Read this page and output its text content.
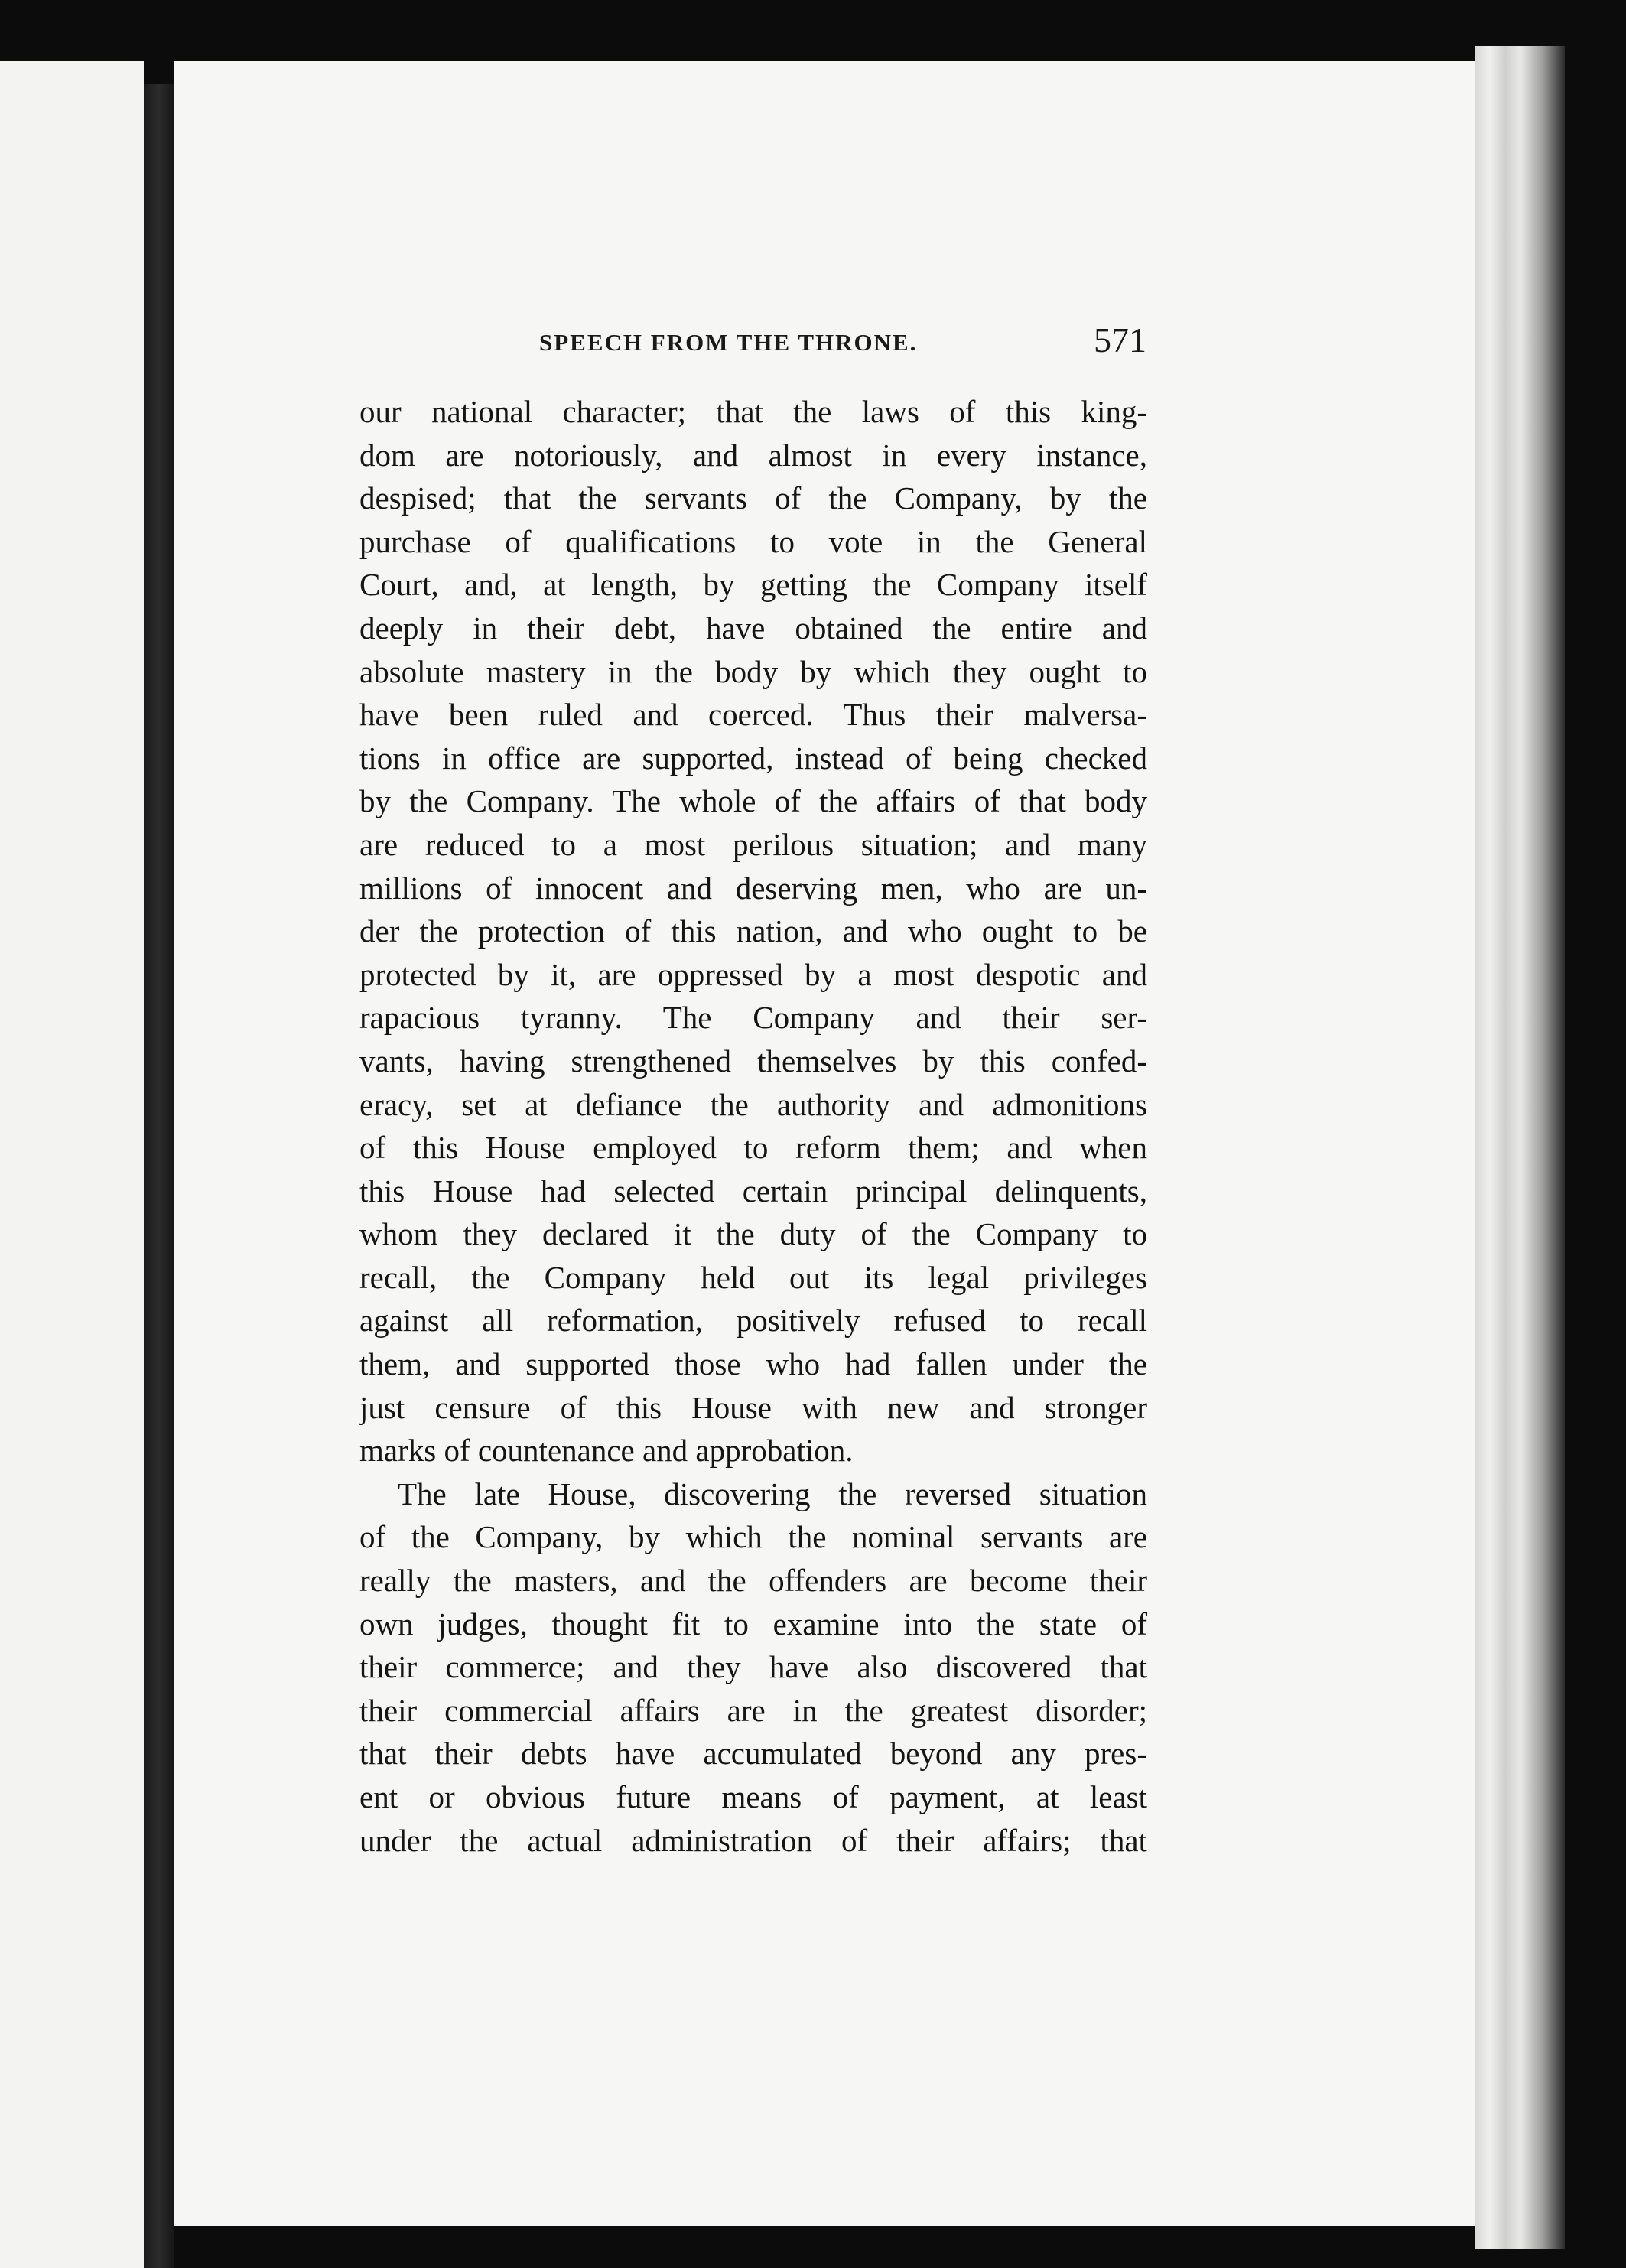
SPEECH FROM THE THRONE.	571
our national character; that the laws of this king-
dom are notoriously, and almost in every instance,
despised; that the servants of the Company, by the
purchase of qualifications to vote in the General
Court, and, at length, by getting the Company itself
deeply in their debt, have obtained the entire and
absolute mastery in the body by which they ought to
have been ruled and coerced. Thus their malversa-
tions in office are supported, instead of being checked
by the Company. The whole of the affairs of that body
are reduced to a most perilous situation; and many
millions of innocent and deserving men, who are un-
der the protection of this nation, and who ought to be
protected by it, are oppressed by a most despotic and
rapacious tyranny. The Company and their ser-
vants, having strengthened themselves by this confed-
eracy, set at defiance the authority and admonitions
of this House employed to reform them; and when
this House had selected certain principal delinquents,
whom they declared it the duty of the Company to
recall, the Company held out its legal privileges
against all reformation, positively refused to recall
them, and supported those who had fallen under the
just censure of this House with new and stronger
marks of countenance and approbation.
The late House, discovering the reversed situation
of the Company, by which the nominal servants are
really the masters, and the offenders are become their
own judges, thought fit to examine into the state of
their commerce; and they have also discovered that
their commercial affairs are in the greatest disorder;
that their debts have accumulated beyond any pres-
ent or obvious future means of payment, at least
under the actual administration of their affairs; that
